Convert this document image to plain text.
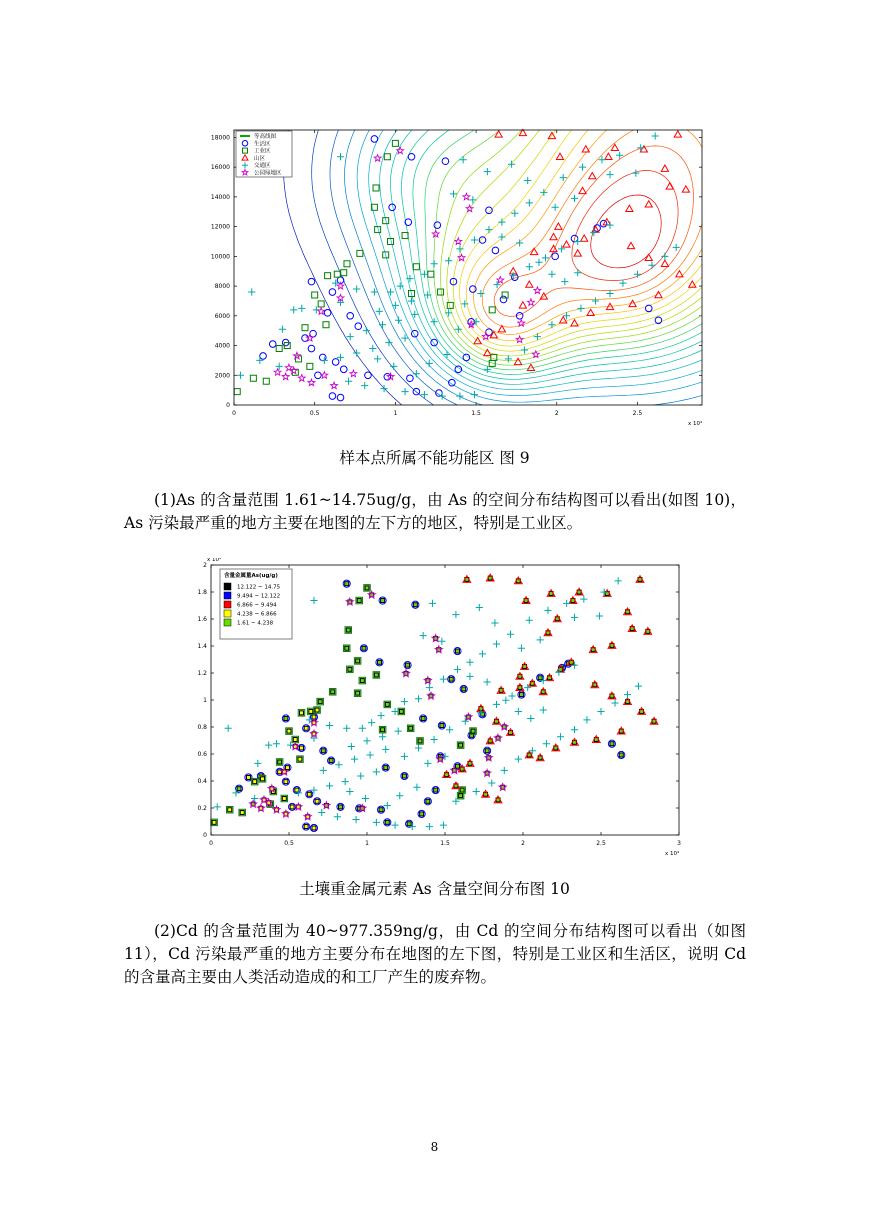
0	0.5	1	1.5	2	2.5
0
2000
4000
6000
8000
10000
12000
14000
16000
18000
x 10⁴
等高线图
生活区
工业区
山区
交通区
公园绿地区
样本点所属不能功能区 图 9

(1)As 的含量范围 1.61~14.75ug/g，由 As 的空间分布结构图可以看出(如图 10)，As 污染最严重的地方主要在地图的左下方的地区，特别是工业区。

0	0.5	1	1.5	2	2.5	3
0
0.2
0.4
0.6
0.8
1
1.2
1.4
1.6
1.8
2
x 10⁴
x 10⁴
含量金属量As(ug/g)
12.122 ~ 14.75
9.494 ~ 12.122
6.866 ~ 9.494
4.238 ~ 6.866
1.61 ~ 4.238
土壤重金属元素 As 含量空间分布图 10

(2)Cd 的含量范围为 40~977.359ng/g，由 Cd 的空间分布结构图可以看出（如图 11），Cd 污染最严重的地方主要分布在地图的左下图，特别是工业区和生活区，说明 Cd 的含量高主要由人类活动造成的和工厂产生的废弃物。

8
